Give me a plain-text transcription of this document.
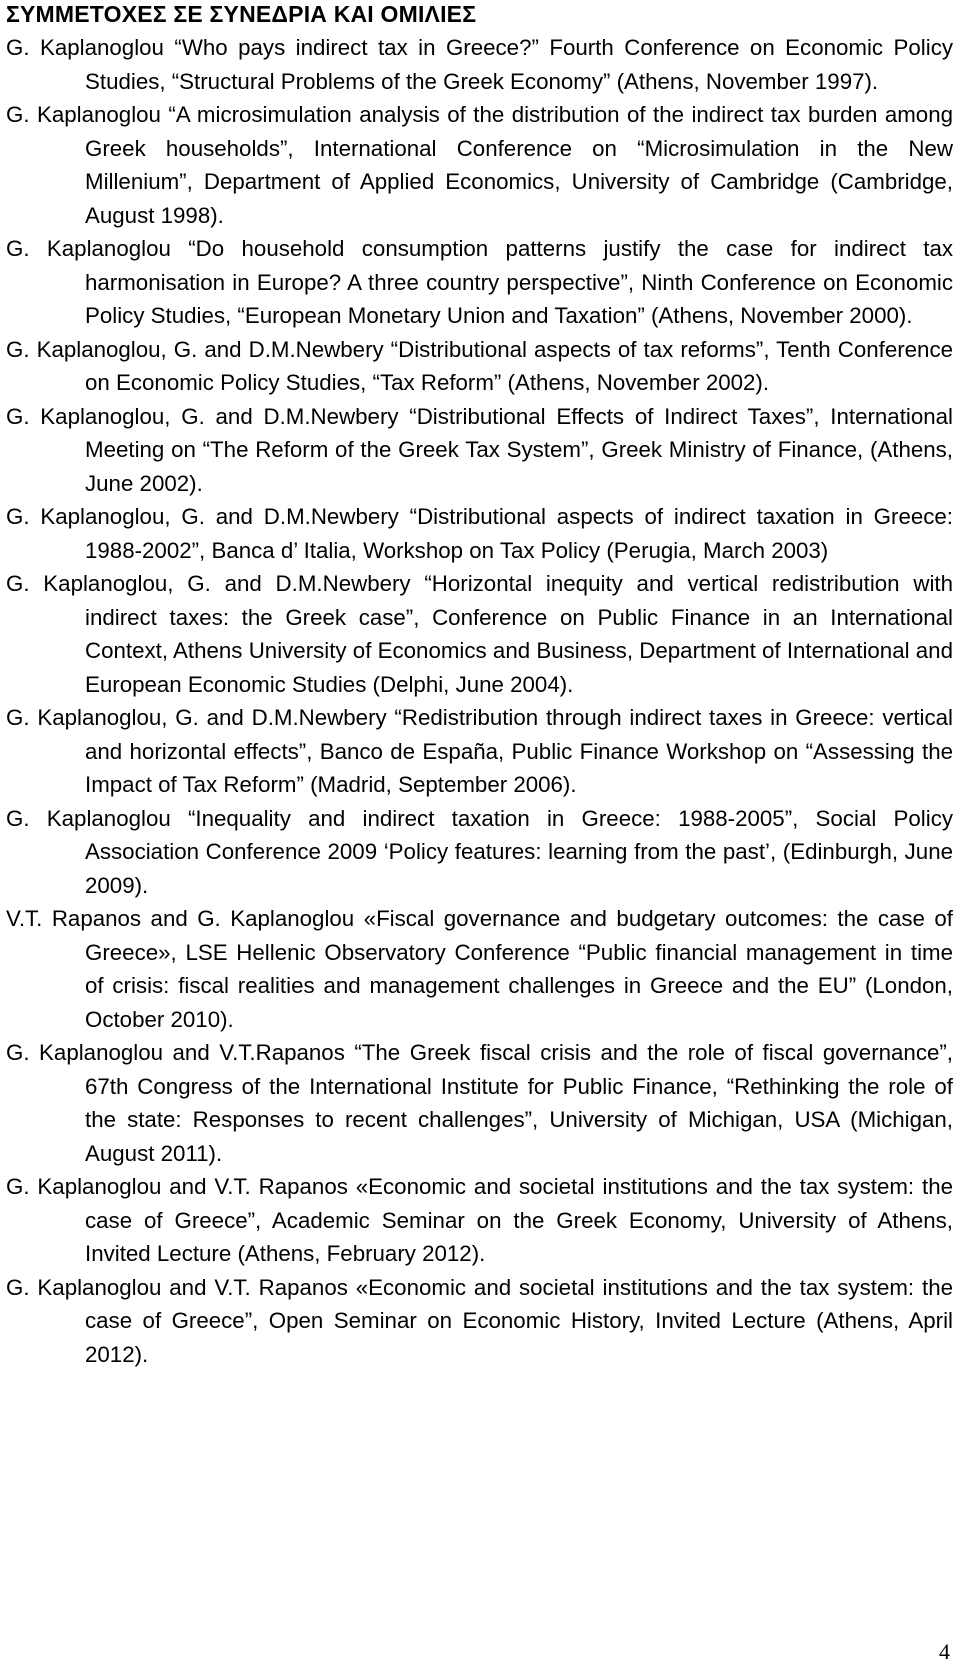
ΣΥΜΜΕΤΟΧΕΣ ΣΕ ΣΥΝΕΔΡΙΑ ΚΑΙ ΟΜΙΛΙΕΣ
G. Kaplanoglou “Who pays indirect tax in Greece?” Fourth Conference on Economic Policy Studies, “Structural Problems of the Greek Economy” (Athens, November 1997).
G. Kaplanoglou “A microsimulation analysis of the distribution of the indirect tax burden among Greek households”, International Conference on “Microsimulation in the New Millenium”, Department of Applied Economics, University of Cambridge (Cambridge, August 1998).
G. Kaplanoglou “Do household consumption patterns justify the case for indirect tax harmonisation in Europe? A three country perspective”, Ninth Conference on Economic Policy Studies, “European Monetary Union and Taxation” (Athens, November 2000).
G. Kaplanoglou, G. and D.M.Newbery “Distributional aspects of tax reforms”, Tenth Conference on Economic Policy Studies, “Tax Reform” (Athens, November 2002).
G. Kaplanoglou, G. and D.M.Newbery “Distributional Effects of Indirect Taxes”, International Meeting on “The Reform of the Greek Tax System”, Greek Ministry of Finance, (Athens, June 2002).
G. Kaplanoglou, G. and D.M.Newbery “Distributional aspects of indirect taxation in Greece: 1988-2002”, Banca d’ Italia, Workshop on Tax Policy (Perugia, March 2003)
G. Kaplanoglou, G. and D.M.Newbery “Horizontal inequity and vertical redistribution with indirect taxes: the Greek case”, Conference on Public Finance in an International Context, Athens University of Economics and Business, Department of International and European Economic Studies (Delphi, June 2004).
G. Kaplanoglou, G. and D.M.Newbery “Redistribution through indirect taxes in Greece: vertical and horizontal effects”, Banco de España, Public Finance Workshop on “Assessing the Impact of Tax Reform” (Madrid, September 2006).
G. Kaplanoglou “Inequality and indirect taxation in Greece: 1988-2005”, Social Policy Association Conference 2009 ‘Policy features: learning from the past’, (Edinburgh, June 2009).
V.T. Rapanos and G. Kaplanoglou «Fiscal governance and budgetary outcomes: the case of Greece», LSE Hellenic Observatory Conference “Public financial management in time of crisis: fiscal realities and management challenges in Greece and the EU” (London, October 2010).
G. Kaplanoglou and V.T.Rapanos “The Greek fiscal crisis and the role of fiscal governance”, 67th Congress of the International Institute for Public Finance, “Rethinking the role of the state: Responses to recent challenges”, University of Michigan, USA (Michigan, August 2011).
G. Kaplanoglou and V.T. Rapanos «Economic and societal institutions and the tax system: the case of Greece”, Academic Seminar on the Greek Economy, University of Athens, Invited Lecture (Athens, February 2012).
G. Kaplanoglou and V.T. Rapanos «Economic and societal institutions and the tax system: the case of Greece”, Open Seminar on Economic History, Invited Lecture (Athens, April 2012).
4
